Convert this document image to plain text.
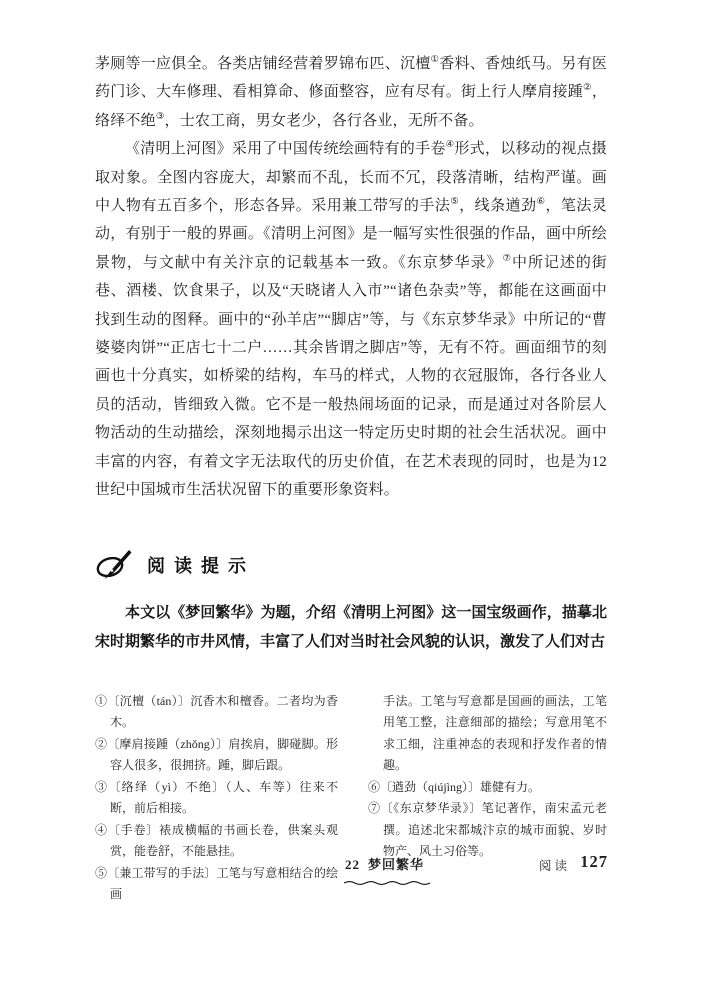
茅厕等一应俱全。各类店铺经营着罗锦布匹、沉檀①香料、香烛纸马。另有医药门诊、大车修理、看相算命、修面整容，应有尽有。街上行人摩肩接踵②，络绎不绝③，士农工商，男女老少，各行各业，无所不备。

《清明上河图》采用了中国传统绘画特有的手卷④形式，以移动的视点摄取对象。全图内容庞大，却繁而不乱，长而不冗，段落清晰，结构严谨。画中人物有五百多个，形态各异。采用兼工带写的手法⑤，线条遒劲⑥，笔法灵动，有别于一般的界画。《清明上河图》是一幅写实性很强的作品，画中所绘景物，与文献中有关汴京的记载基本一致。《东京梦华录》⑦中所记述的街巷、酒楼、饮食果子，以及“天晓诸人入市”“诸色杂卖”等，都能在这画面中找到生动的图释。画中的“孙羊店”“脚店”等，与《东京梦华录》中所记的“曹婆婆肉饼”“正店七十二户……其余皆谓之脚店”等，无有不符。画面细节的刻画也十分真实，如桥梁的结构，车马的样式，人物的衣冠服饰，各行各业人员的活动，皆细致入微。它不是一般热闹场面的记录，而是通过对各阶层人物活动的生动描绘，深刻地揭示出这一特定历史时期的社会生活状况。画中丰富的内容，有着文字无法取代的历史价值，在艺术表现的同时，也是为12世纪中国城市生活状况留下的重要形象资料。

阅读提示

本文以《梦回繁华》为题，介绍《清明上河图》这一国宝级画作，描摹北宋时期繁华的市井风情，丰富了人们对当时社会风貌的认识，激发了人们对古

①〔沉檀（tán）〕沉香木和檀香。二者均为香木。
②〔摩肩接踵（zhǒng）〕肩挨肩，脚碰脚。形容人很多，很拥挤。踵，脚后跟。
③〔络绎（yì）不绝〕（人、车等）往来不断，前后相接。
④〔手卷〕裱成横幅的书画长卷，供案头观赏，能卷舒，不能悬挂。
⑤〔兼工带写的手法〕工笔与写意相结合的绘画
手法。工笔与写意都是国画的画法，工笔用笔工整，注意细部的描绘；写意用笔不求工细，注重神态的表现和抒发作者的情趣。
⑥〔遒劲（qiújìng）〕雄健有力。
⑦〔《东京梦华录》〕笔记著作，南宋孟元老撰。追述北宋都城汴京的城市面貌、岁时物产、风土习俗等。
22 梦回繁华	阅读 127
